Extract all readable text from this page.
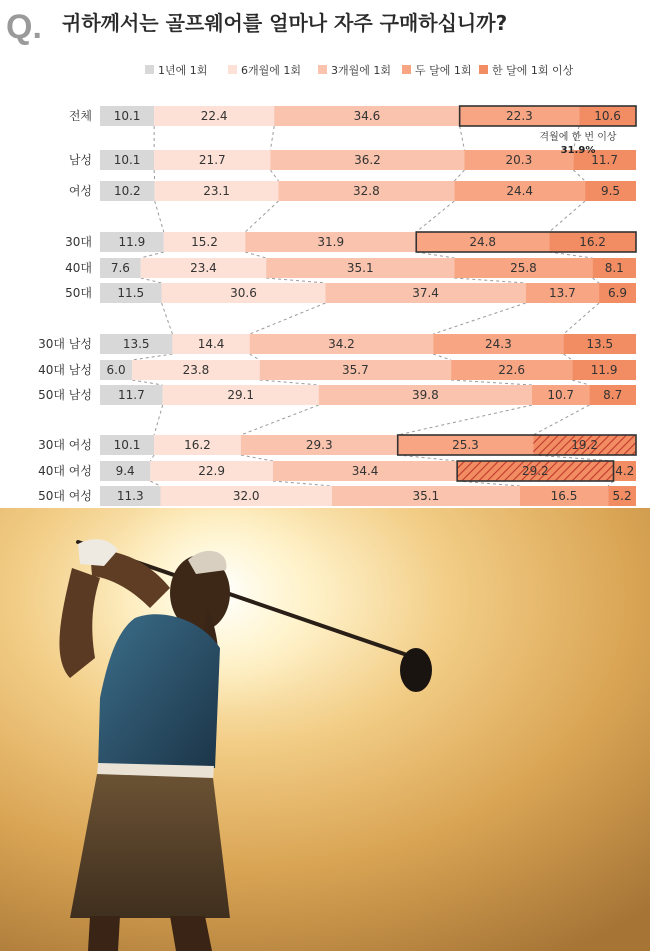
Q. 귀하께서는 골프웨어를 얼마나 자주 구매하십니까?
1년에 1회	6개월에 1회	3개월에 1회 두 달에 1회 한 달에 1회 이상
전체 10.1	22.4	34.6	22.3	10.6
남성 10.1	21.7	36.2	20.3	11.7
여성 10.2	23.1	32.8	24.4	9.5
30대 11.9	15.2	31.9	24.8	16.2
40대 7.6	23.4	35.1	25.8	8.1
50대 11.5	30.6	37.4	13.7	6.9
30대 남성	13.5	14.4	34.2	24.3	13.5
40대 남성 6.0	23.8	35.7	22.6	11.9
50대 남성 11.7	29.1	39.8	10.7 8.7
30대 여성 10.1	16.2	29.3	25.3	19.2
40대 여성 9.4	22.9	34.4	29.2	4.2
50대 여성 11.3	32.0	35.1	16.5	5.2
격월에 한 번 이상
31.9%
